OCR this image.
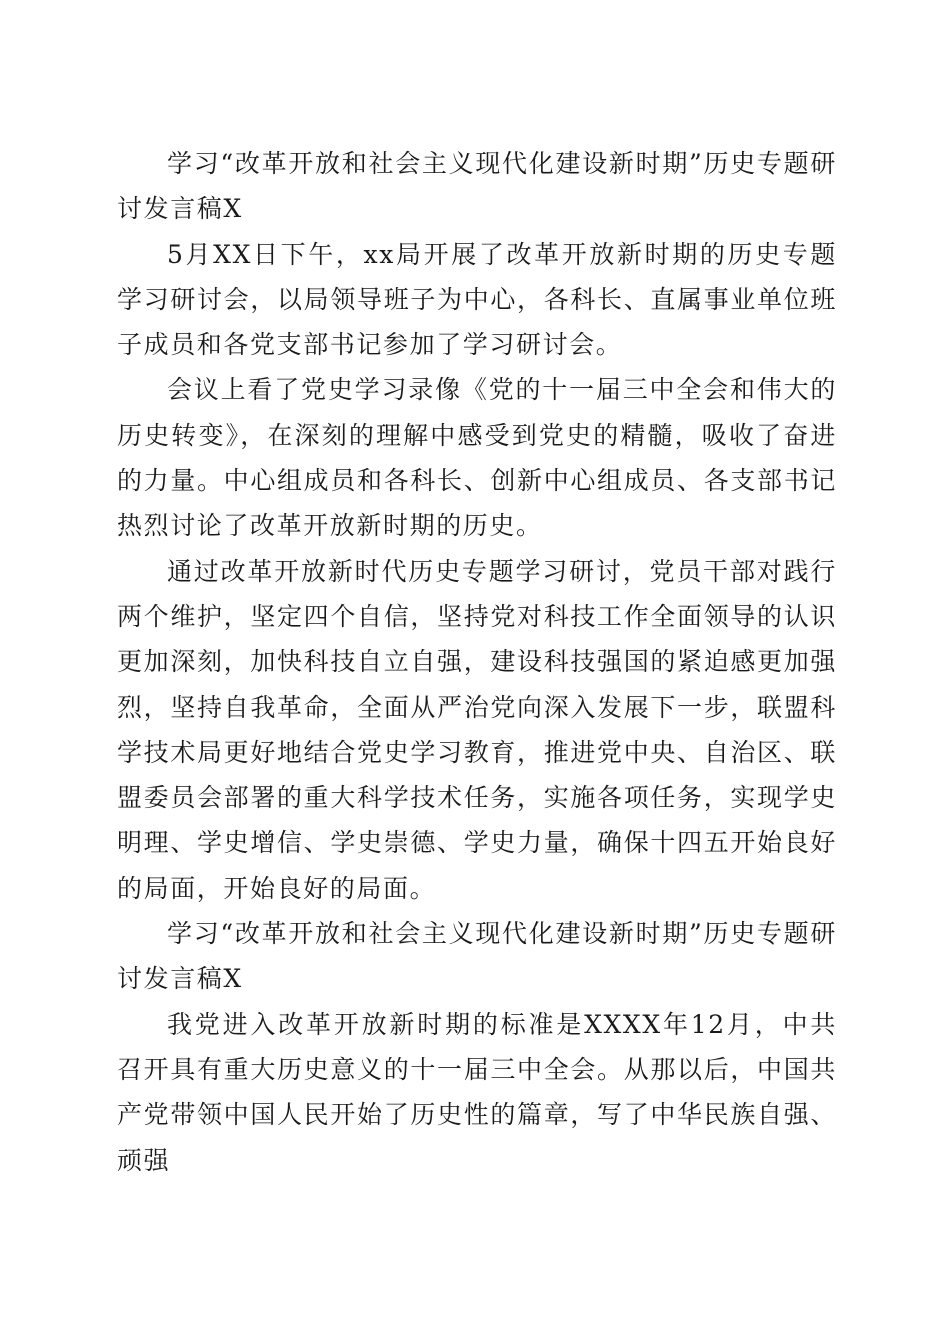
学习“改革开放和社会主义现代化建设新时期”历史专题研讨发言稿X

5月XX日下午，xx局开展了改革开放新时期的历史专题学习研讨会，以局领导班子为中心，各科长、直属事业单位班子成员和各党支部书记参加了学习研讨会。

会议上看了党史学习录像《党的十一届三中全会和伟大的历史转变》，在深刻的理解中感受到党史的精髓，吸收了奋进的力量。中心组成员和各科长、创新中心组成员、各支部书记热烈讨论了改革开放新时期的历史。

通过改革开放新时代历史专题学习研讨，党员干部对践行两个维护，坚定四个自信，坚持党对科技工作全面领导的认识更加深刻，加快科技自立自强，建设科技强国的紧迫感更加强烈，坚持自我革命，全面从严治党向深入发展下一步，联盟科学技术局更好地结合党史学习教育，推进党中央、自治区、联盟委员会部署的重大科学技术任务，实施各项任务，实现学史明理、学史增信、学史崇德、学史力量，确保十四五开始良好的局面，开始良好的局面。

学习“改革开放和社会主义现代化建设新时期”历史专题研讨发言稿X

我党进入改革开放新时期的标准是XXXX年12月，中共召开具有重大历史意义的十一届三中全会。从那以后，中国共产党带领中国人民开始了历史性的篇章，写了中华民族自强、顽强
